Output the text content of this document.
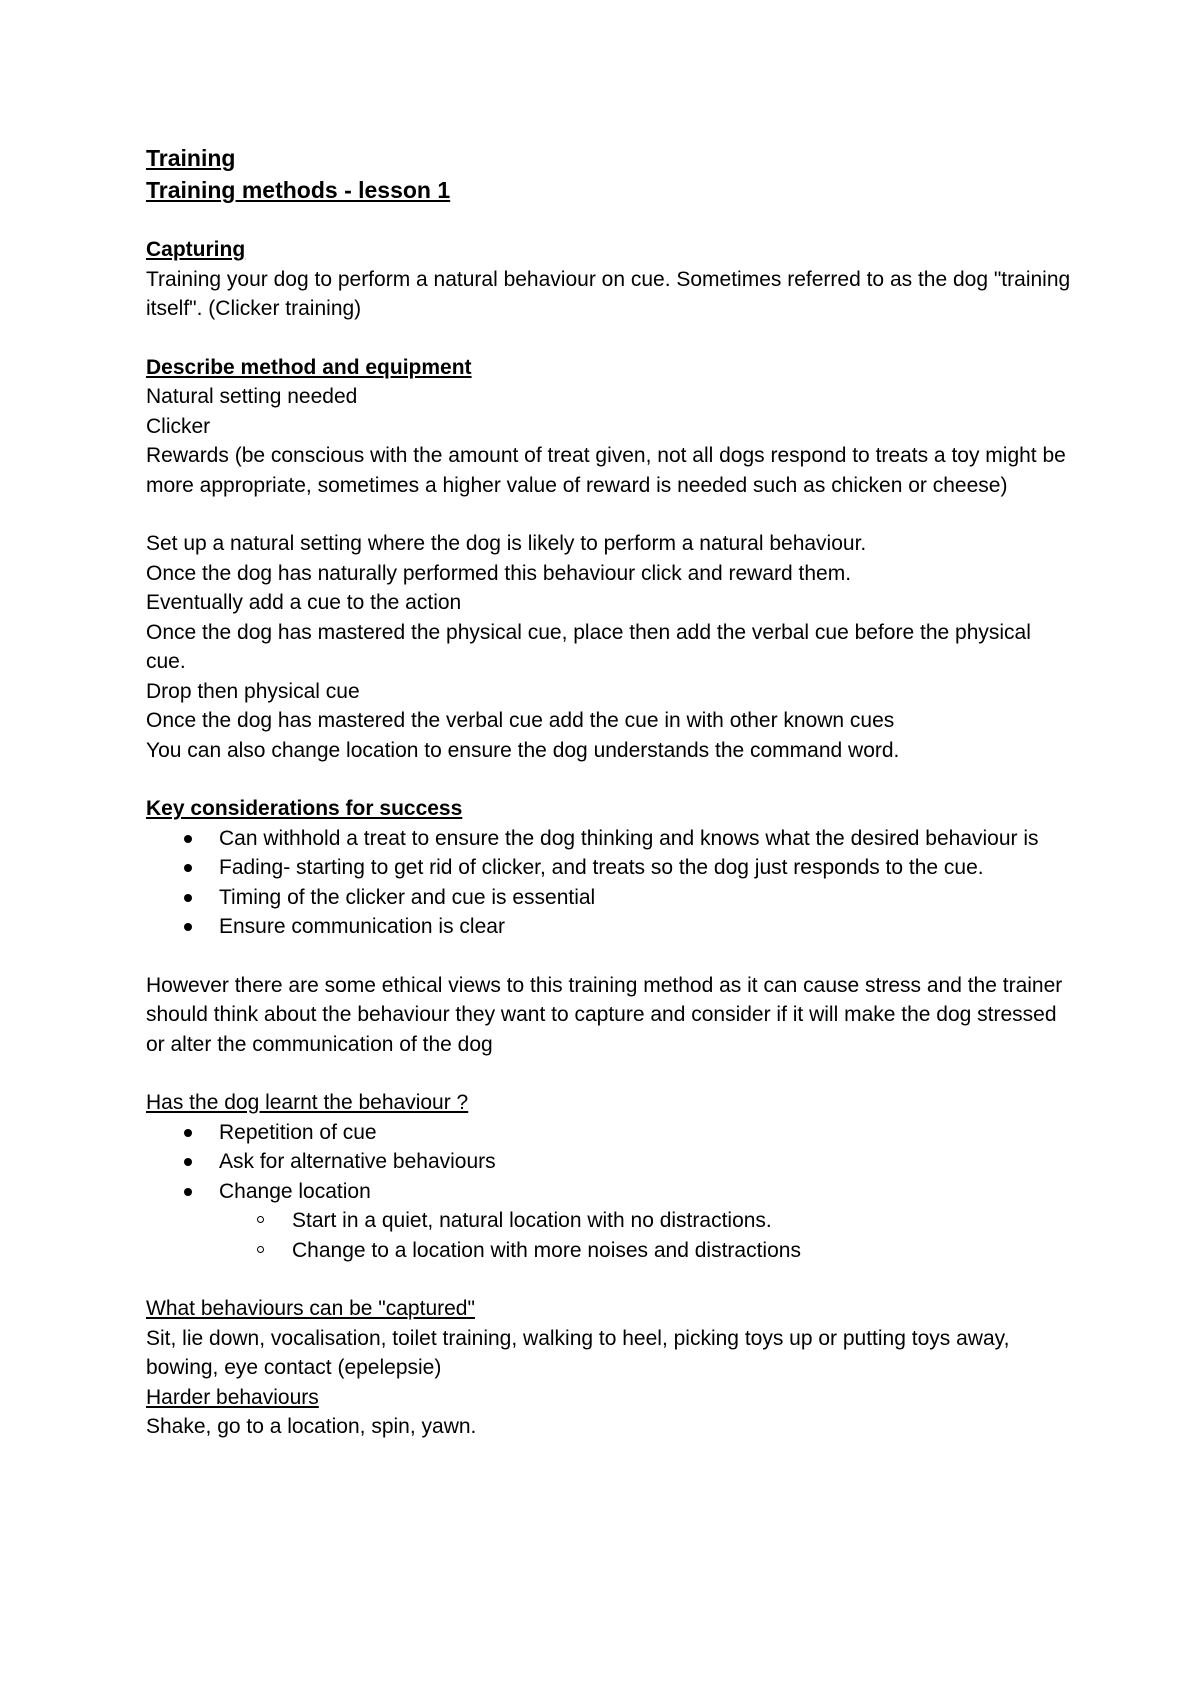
Training

Training methods - lesson 1

Capturing

Training your dog to perform a natural behaviour on cue. Sometimes referred to as the dog "training itself". (Clicker training)

Describe method and equipment

Natural setting needed

Clicker

Rewards (be conscious with the amount of treat given, not all dogs respond to treats a toy might be more appropriate, sometimes a higher value of reward is needed such as chicken or cheese)

Set up a natural setting where the dog is likely to perform a natural behaviour.

Once the dog has naturally performed this behaviour click and reward them.

Eventually add a cue to the action

Once the dog has mastered the physical cue, place then add the verbal cue before the physical cue.

Drop then physical cue

Once the dog has mastered the verbal cue add the cue in with other known cues

You can also change location to ensure the dog understands the command word.

Key considerations for success

Can withhold a treat to ensure the dog thinking and knows what the desired behaviour is
Fading- starting to get rid of clicker, and treats so the dog just responds to the cue.
Timing of the clicker and cue is essential
Ensure communication is clear

However there are some ethical views to this training method as it can cause stress and the trainer should think about the behaviour they want to capture and consider if it will make the dog stressed or alter the communication of the dog

Has the dog learnt the behaviour ?

Repetition of cue
Ask for alternative behaviours
Change location
Start in a quiet, natural location with no distractions.
Change to a location with more noises and distractions

What behaviours can be "captured"

Sit, lie down, vocalisation, toilet training, walking to heel, picking toys up or putting toys away, bowing, eye contact (epelepsie)

Harder behaviours

Shake, go to a location, spin, yawn.
